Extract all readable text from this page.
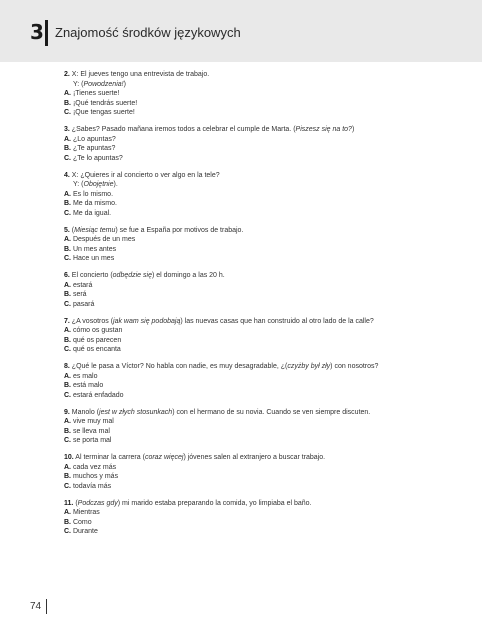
3 Znajomość środków językowych
2. X: El jueves tengo una entrevista de trabajo.
Y: (Powodzenia!)
A. ¡Tienes suerte!
B. ¡Qué tendrás suerte!
C. ¡Que tengas suerte!
3. ¿Sabes? Pasado mañana iremos todos a celebrar el cumple de Marta. (Piszesz się na to?)
A. ¿Lo apuntas?
B. ¿Te apuntas?
C. ¿Te lo apuntas?
4. X: ¿Quieres ir al concierto o ver algo en la tele?
Y: (Obojętnie).
A. Es lo mismo.
B. Me da mismo.
C. Me da igual.
5. (Miesiąc temu) se fue a España por motivos de trabajo.
A. Después de un mes
B. Un mes antes
C. Hace un mes
6. El concierto (odbędzie się) el domingo a las 20 h.
A. estará
B. será
C. pasará
7. ¿A vosotros (jak wam się podobają) las nuevas casas que han construido al otro lado de la calle?
A. cómo os gustan
B. qué os parecen
C. qué os encanta
8. ¿Qué le pasa a Víctor? No habla con nadie, es muy desagradable, ¿(czyżby był zły) con nosotros?
A. es malo
B. está malo
C. estará enfadado
9. Manolo (jest w złych stosunkach) con el hermano de su novia. Cuando se ven siempre discuten.
A. vive muy mal
B. se lleva mal
C. se porta mal
10. Al terminar la carrera (coraz więcej) jóvenes salen al extranjero a buscar trabajo.
A. cada vez más
B. muchos y más
C. todavía más
11. (Podczas gdy) mi marido estaba preparando la comida, yo limpiaba el baño.
A. Mientras
B. Como
C. Durante
74
